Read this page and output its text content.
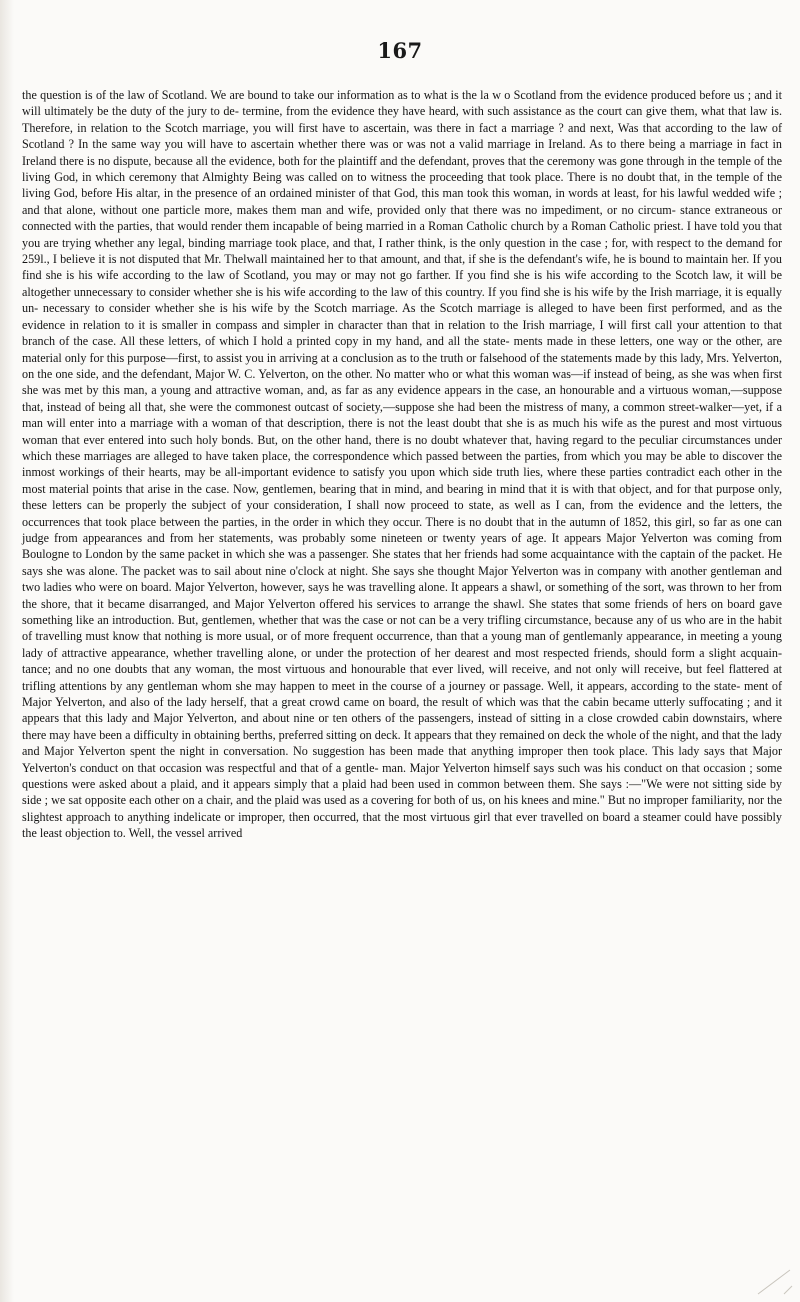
167

the question is of the law of Scotland. We are bound to take our information as to what is the la w o Scotland from the evidence produced before us ; and it will ultimately be the duty of the jury to de- termine, from the evidence they have heard, with such assistance as the court can give them, what that law is. Therefore, in relation to the Scotch marriage, you will first have to ascertain, was there in fact a marriage ? and next, Was that according to the law of Scotland ? In the same way you will have to ascertain whether there was or was not a valid marriage in Ireland. As to there being a marriage in fact in Ireland there is no dispute, because all the evidence, both for the plaintiff and the defendant, proves that the ceremony was gone through in the temple of the living God, in which ceremony that Almighty Being was called on to witness the proceeding that took place. There is no doubt that, in the temple of the living God, before His altar, in the presence of an ordained minister of that God, this man took this woman, in words at least, for his lawful wedded wife ; and that alone, without one particle more, makes them man and wife, provided only that there was no impediment, or no circum- stance extraneous or connected with the parties, that would render them incapable of being married in a Roman Catholic church by a Roman Catholic priest. I have told you that you are trying whether any legal, binding marriage took place, and that, I rather think, is the only question in the case ; for, with respect to the demand for 259l., I believe it is not disputed that Mr. Thelwall maintained her to that amount, and that, if she is the defendant's wife, he is bound to maintain her. If you find she is his wife according to the law of Scotland, you may or may not go farther. If you find she is his wife according to the Scotch law, it will be altogether unnecessary to consider whether she is his wife according to the law of this country. If you find she is his wife by the Irish marriage, it is equally un- necessary to consider whether she is his wife by the Scotch marriage. As the Scotch marriage is alleged to have been first performed, and as the evidence in relation to it is smaller in compass and simpler in character than that in relation to the Irish marriage, I will first call your attention to that branch of the case. All these letters, of which I hold a printed copy in my hand, and all the state- ments made in these letters, one way or the other, are material only for this purpose—first, to assist you in arriving at a conclusion as to the truth or falsehood of the statements made by this lady, Mrs. Yelverton, on the one side, and the defendant, Major W. C. Yelverton, on the other. No matter who or what this woman was—if instead of being, as she was when first she was met by this man, a young and attractive woman, and, as far as any evidence appears in the case, an honourable and a virtuous woman,—suppose that, instead of being all that, she were the commonest outcast of society,—suppose she had been the mistress of many, a common street-walker—yet, if a man will enter into a marriage with a woman of that description, there is not the least doubt that she is as much his wife as the purest and most virtuous woman that ever entered into such holy bonds. But, on the other hand, there is no doubt whatever that, having regard to the peculiar circumstances under which these marriages are alleged to have taken place, the correspondence which passed between the parties, from which you may be able to discover the inmost workings of their hearts, may be all-important evidence to satisfy you upon which side truth lies, where these parties contradict each other in the most material points that arise in the case. Now, gentlemen, bearing that in mind, and bearing in mind that it is with that object, and for that purpose only, these letters can be properly the subject of your consideration, I shall now proceed to state, as well as I can, from the evidence and the letters, the occurrences that took place between the parties, in the order in which they occur. There is no doubt that in the autumn of 1852, this girl, so far as one can judge from appearances and from her statements, was probably some nineteen or twenty years of age. It appears Major Yelverton was coming from Boulogne to London by the same packet in which she was a passenger. She states that her friends had some acquaintance with the captain of the packet. He says she was alone. The packet was to sail about nine o'clock at night. She says she thought Major Yelverton was in company with another gentleman and two ladies who were on board. Major Yelverton, however, says he was travelling alone. It appears a shawl, or something of the sort, was thrown to her from the shore, that it became disarranged, and Major Yelverton offered his services to arrange the shawl. She states that some friends of hers on board gave something like an introduction. But, gentlemen, whether that was the case or not can be a very trifling circumstance, because any of us who are in the habit of travelling must know that nothing is more usual, or of more frequent occurrence, than that a young man of gentlemanly appearance, in meeting a young lady of attractive appearance, whether travelling alone, or under the protection of her dearest and most respected friends, should form a slight acquain- tance; and no one doubts that any woman, the most virtuous and honourable that ever lived, will receive, and not only will receive, but feel flattered at trifling attentions by any gentleman whom she may happen to meet in the course of a journey or passage. Well, it appears, according to the state- ment of Major Yelverton, and also of the lady herself, that a great crowd came on board, the result of which was that the cabin became utterly suffocating ; and it appears that this lady and Major Yelverton, and about nine or ten others of the passengers, instead of sitting in a close crowded cabin downstairs, where there may have been a difficulty in obtaining berths, preferred sitting on deck. It appears that they remained on deck the whole of the night, and that the lady and Major Yelverton spent the night in conversation. No suggestion has been made that anything improper then took place. This lady says that Major Yelverton's conduct on that occasion was respectful and that of a gentle- man. Major Yelverton himself says such was his conduct on that occasion ; some questions were asked about a plaid, and it appears simply that a plaid had been used in common between them. She says :—"We were not sitting side by side ; we sat opposite each other on a chair, and the plaid was used as a covering for both of us, on his knees and mine." But no improper familiarity, nor the slightest approach to anything indelicate or improper, then occurred, that the most virtuous girl that ever travelled on board a steamer could have possibly the least objection to. Well, the vessel arrived
